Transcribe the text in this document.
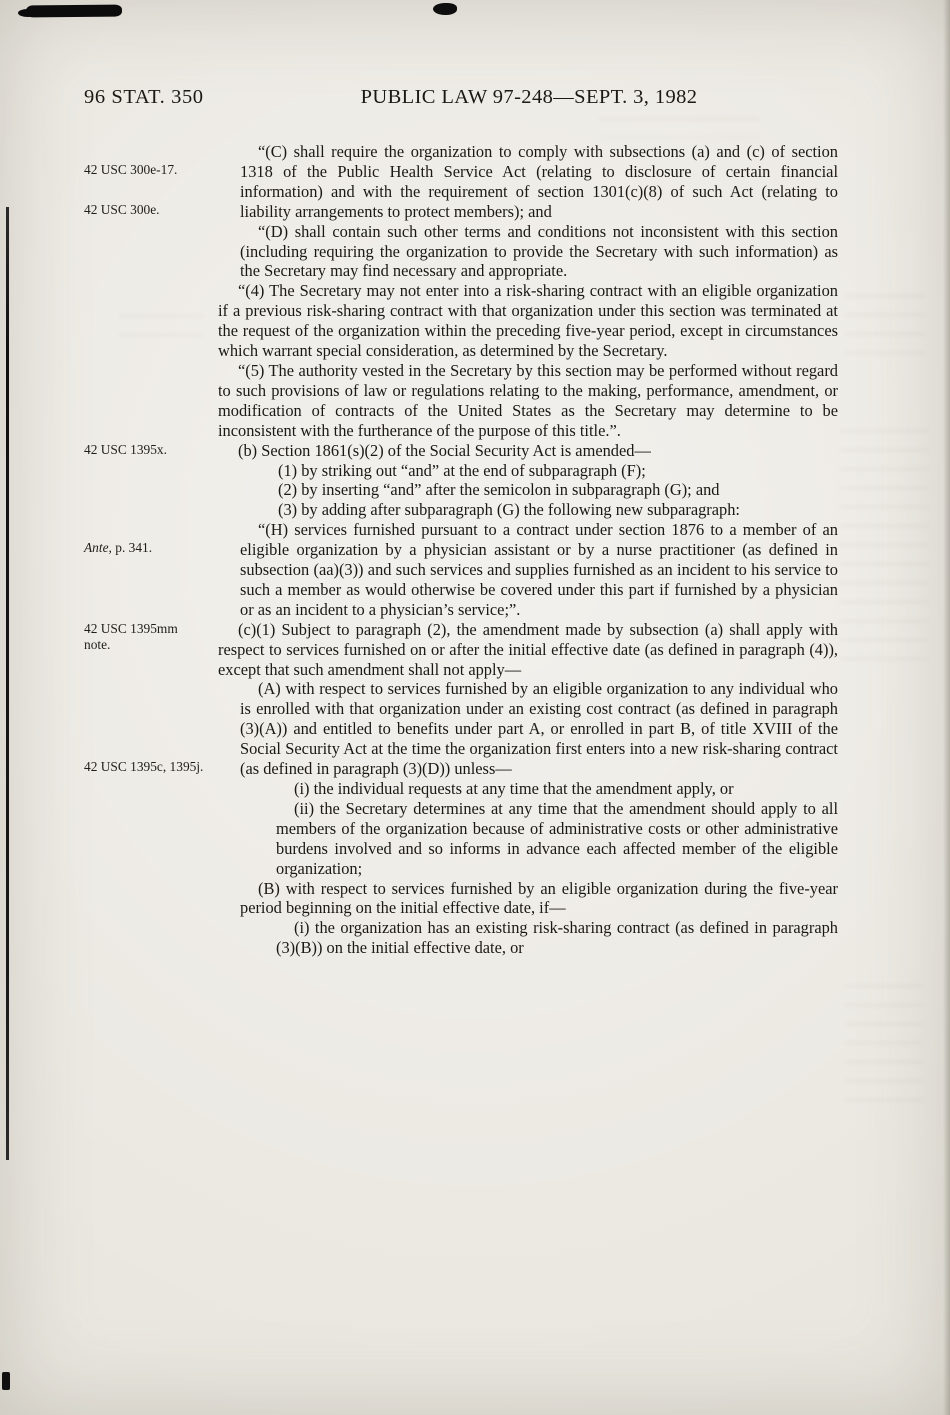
96 STAT. 350	PUBLIC LAW 97-248—SEPT. 3, 1982

42 USC 300e-17.
42 USC 300e.
“(C) shall require the organization to comply with subsections (a) and (c) of section 1318 of the Public Health Service Act (relating to disclosure of certain financial information) and with the requirement of section 1301(c)(8) of such Act (relating to liability arrangements to protect members); and

“(D) shall contain such other terms and conditions not inconsistent with this section (including requiring the organization to provide the Secretary with such information) as the Secretary may find necessary and appropriate.

“(4) The Secretary may not enter into a risk-sharing contract with an eligible organization if a previous risk-sharing contract with that organization under this section was terminated at the request of the organization within the preceding five-year period, except in circumstances which warrant special consideration, as determined by the Secretary.

“(5) The authority vested in the Secretary by this section may be performed without regard to such provisions of law or regulations relating to the making, performance, amendment, or modification of contracts of the United States as the Secretary may determine to be inconsistent with the furtherance of the purpose of this title.”.

42 USC 1395x.	(b) Section 1861(s)(2) of the Social Security Act is amended—

(1) by striking out “and” at the end of subparagraph (F);

(2) by inserting “and” after the semicolon in subparagraph (G); and

(3) by adding after subparagraph (G) the following new subparagraph:

Ante, p. 341.
“(H) services furnished pursuant to a contract under section 1876 to a member of an eligible organization by a physician assistant or by a nurse practitioner (as defined in subsection (aa)(3)) and such services and supplies furnished as an incident to his service to such a member as would otherwise be covered under this part if furnished by a physician or as an incident to a physician’s service;”.

42 USC 1395mm note.
(c)(1) Subject to paragraph (2), the amendment made by subsection (a) shall apply with respect to services furnished on or after the initial effective date (as defined in paragraph (4)), except that such amendment shall not apply—

42 USC 1395c, 1395j.
(A) with respect to services furnished by an eligible organization to any individual who is enrolled with that organization under an existing cost contract (as defined in paragraph (3)(A)) and entitled to benefits under part A, or enrolled in part B, of title XVIII of the Social Security Act at the time the organization first enters into a new risk-sharing contract (as defined in paragraph (3)(D)) unless—

(i) the individual requests at any time that the amendment apply, or

(ii) the Secretary determines at any time that the amendment should apply to all members of the organization because of administrative costs or other administrative burdens involved and so informs in advance each affected member of the eligible organization;

(B) with respect to services furnished by an eligible organization during the five-year period beginning on the initial effective date, if—

(i) the organization has an existing risk-sharing contract (as defined in paragraph (3)(B)) on the initial effective date, or
